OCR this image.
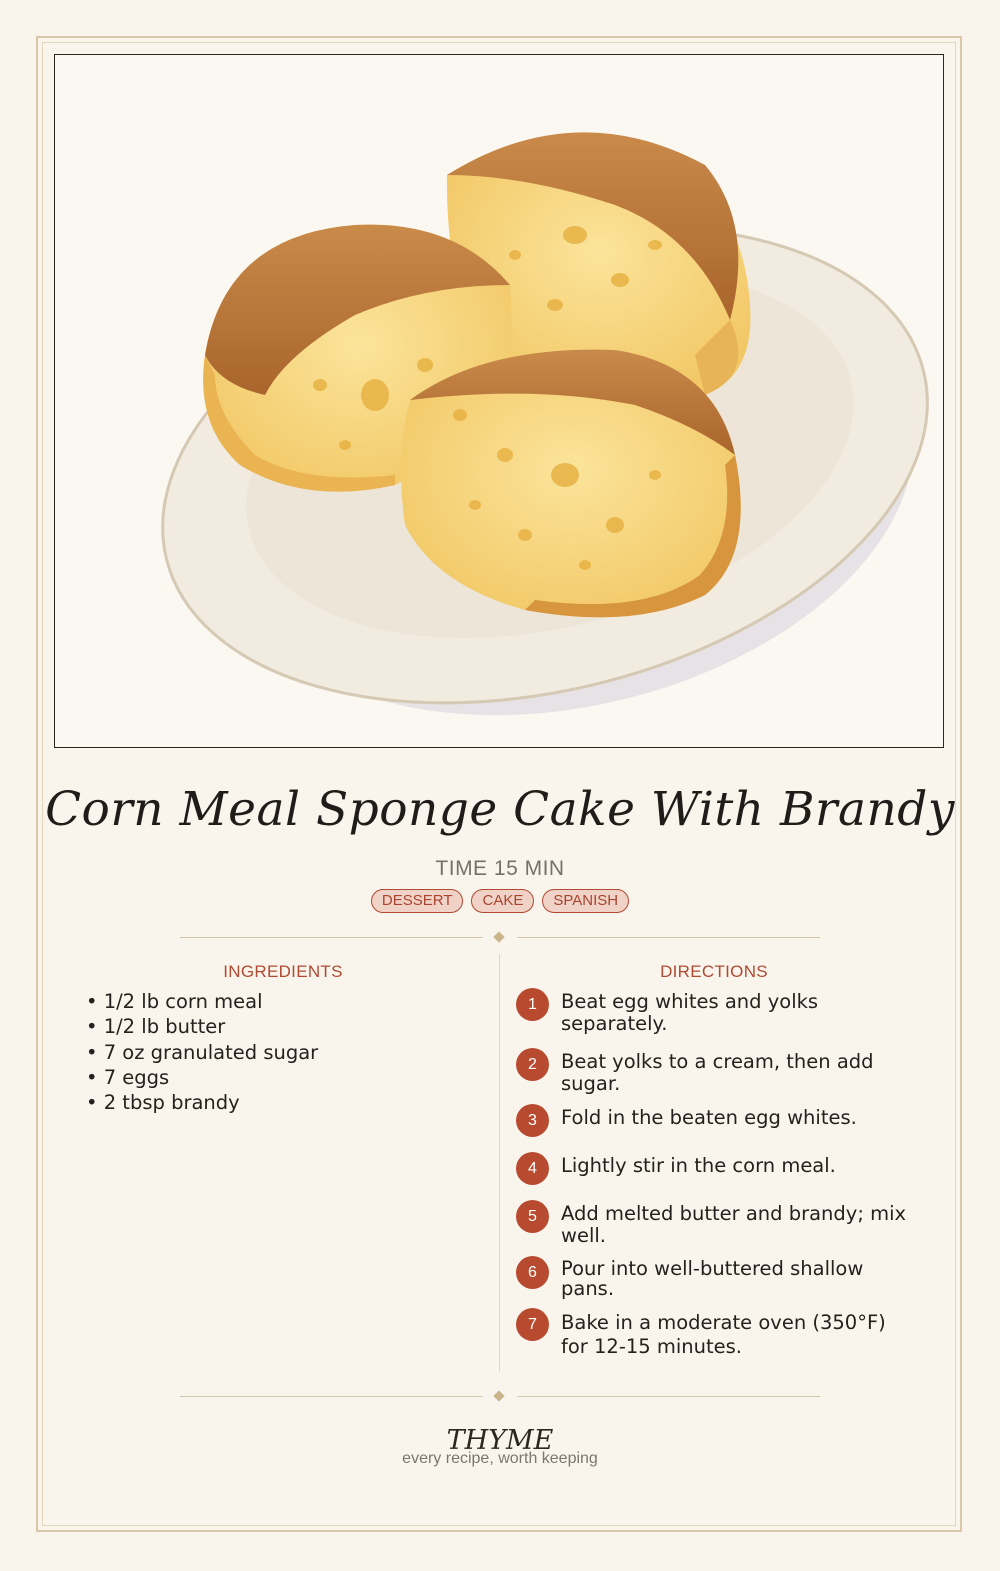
Corn Meal Sponge Cake With Brandy
TIME 15 MIN
DESSERT	CAKE	SPANISH
INGREDIENTS
• 1/2 lb corn meal
• 1/2 lb butter
• 7 oz granulated sugar
• 7 eggs
• 2 tbsp brandy
DIRECTIONS
1	Beat egg whites and yolks separately.
2	Beat yolks to a cream, then add sugar.
3	Fold in the beaten egg whites.
4	Lightly stir in the corn meal.
5	Add melted butter and brandy; mix well.
6	Pour into well-buttered shallow pans.
7	Bake in a moderate oven (350°F) for 12-15 minutes.
THYME
every recipe, worth keeping
